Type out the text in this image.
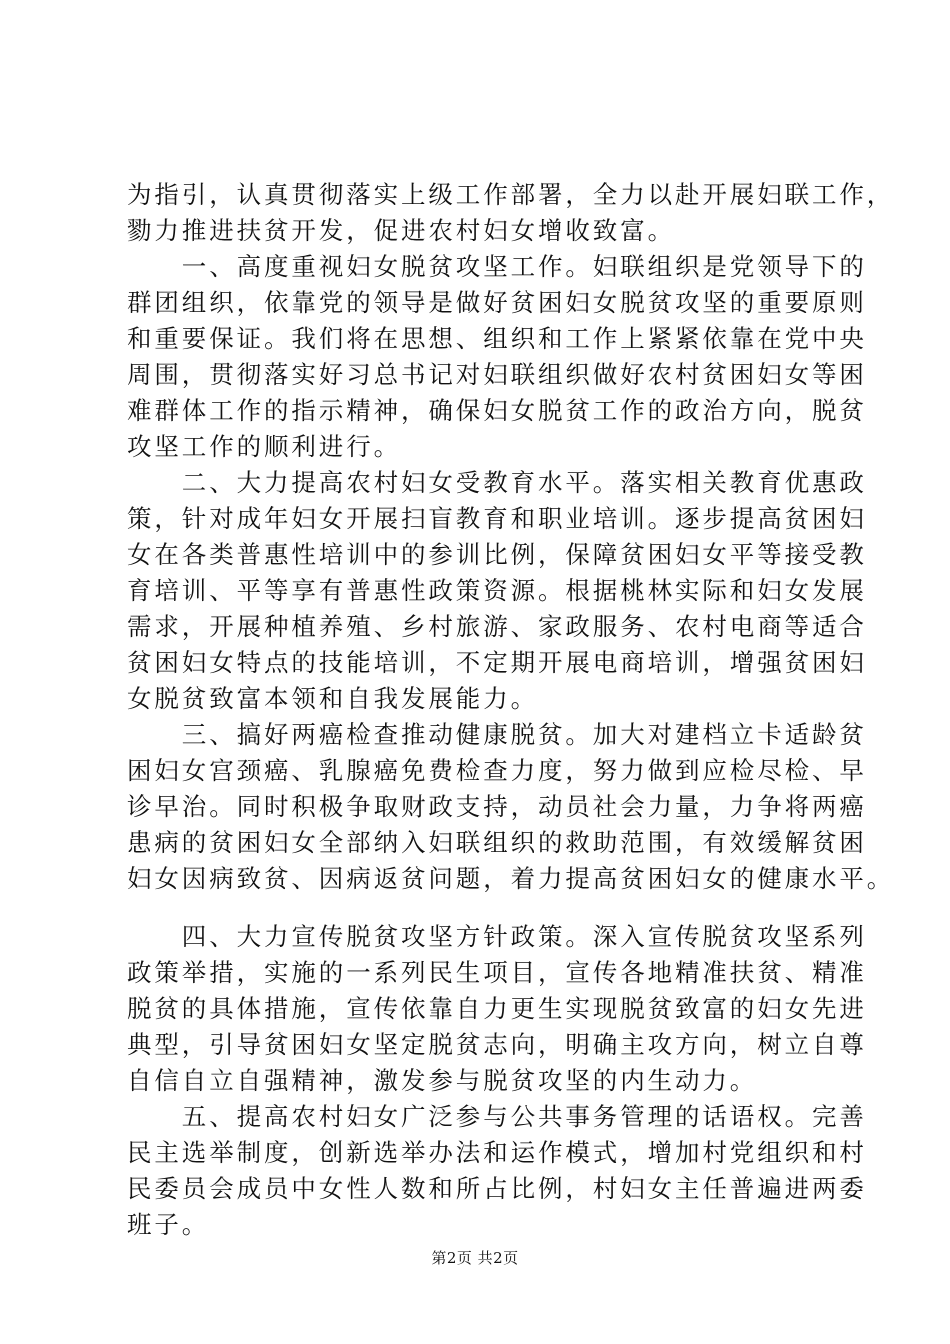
为指引，认真贯彻落实上级工作部署，全力以赴开展妇联工作，
勠力推进扶贫开发，促进农村妇女增收致富。
　　一、高度重视妇女脱贫攻坚工作。妇联组织是党领导下的
群团组织，依靠党的领导是做好贫困妇女脱贫攻坚的重要原则
和重要保证。我们将在思想、组织和工作上紧紧依靠在党中央
周围，贯彻落实好习总书记对妇联组织做好农村贫困妇女等困
难群体工作的指示精神，确保妇女脱贫工作的政治方向，脱贫
攻坚工作的顺利进行。
　　二、大力提高农村妇女受教育水平。落实相关教育优惠政
策，针对成年妇女开展扫盲教育和职业培训。逐步提高贫困妇
女在各类普惠性培训中的参训比例，保障贫困妇女平等接受教
育培训、平等享有普惠性政策资源。根据桃林实际和妇女发展
需求，开展种植养殖、乡村旅游、家政服务、农村电商等适合
贫困妇女特点的技能培训，不定期开展电商培训，增强贫困妇
女脱贫致富本领和自我发展能力。
　　三、搞好两癌检查推动健康脱贫。加大对建档立卡适龄贫
困妇女宫颈癌、乳腺癌免费检查力度，努力做到应检尽检、早
诊早治。同时积极争取财政支持，动员社会力量，力争将两癌
患病的贫困妇女全部纳入妇联组织的救助范围，有效缓解贫困
妇女因病致贫、因病返贫问题，着力提高贫困妇女的健康水平。
　　四、大力宣传脱贫攻坚方针政策。深入宣传脱贫攻坚系列
政策举措，实施的一系列民生项目，宣传各地精准扶贫、精准
脱贫的具体措施，宣传依靠自力更生实现脱贫致富的妇女先进
典型，引导贫困妇女坚定脱贫志向，明确主攻方向，树立自尊
自信自立自强精神，激发参与脱贫攻坚的内生动力。
　　五、提高农村妇女广泛参与公共事务管理的话语权。完善
民主选举制度，创新选举办法和运作模式，增加村党组织和村
民委员会成员中女性人数和所占比例，村妇女主任普遍进两委
班子。
第2页 共2页
